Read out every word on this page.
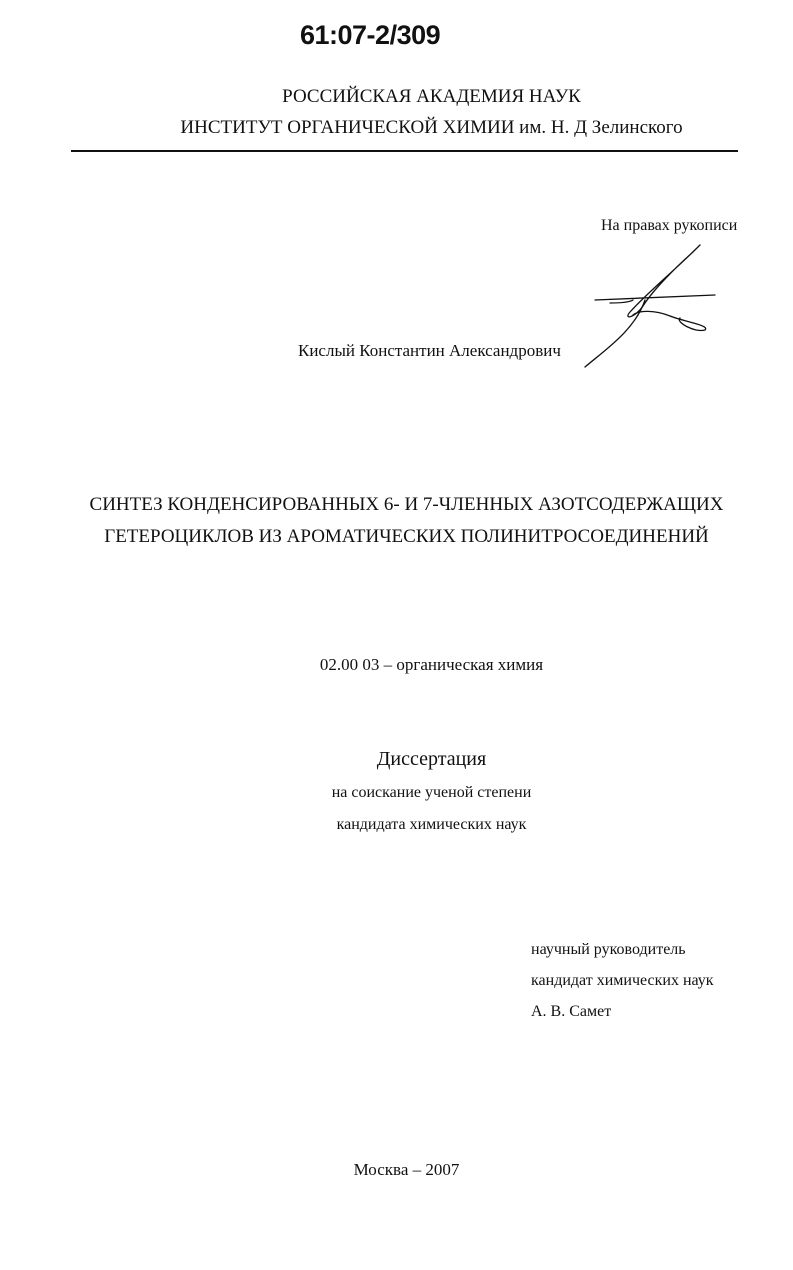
61:07-2/309
РОССИЙСКАЯ АКАДЕМИЯ НАУК
ИНСТИТУТ ОРГАНИЧЕСКОЙ ХИМИИ им. Н. Д Зелинского
На правах рукописи
Кислый Константин Александрович
СИНТЕЗ КОНДЕНСИРОВАННЫХ 6- И 7-ЧЛЕННЫХ АЗОТСОДЕРЖАЩИХ
ГЕТЕРОЦИКЛОВ ИЗ АРОМАТИЧЕСКИХ ПОЛИНИТРОСОЕДИНЕНИЙ
02.00 03 – органическая химия
Диссертация
на соискание ученой степени
кандидата химических наук
научный руководитель
кандидат химических наук
А. В. Самет
Москва – 2007
